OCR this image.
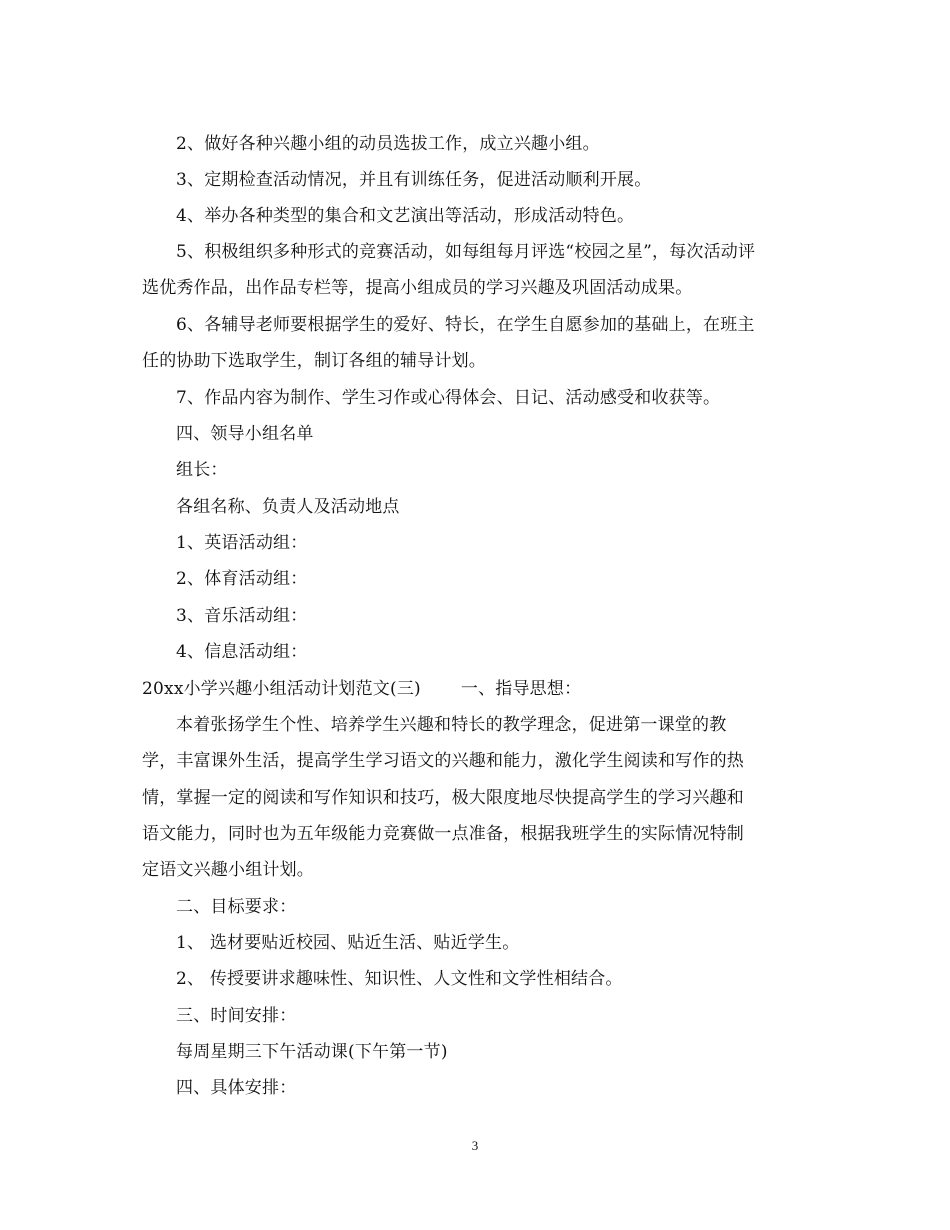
2、做好各种兴趣小组的动员选拔工作，成立兴趣小组。
3、定期检查活动情况，并且有训练任务，促进活动顺利开展。
4、举办各种类型的集合和文艺演出等活动，形成活动特色。
5、积极组织多种形式的竞赛活动，如每组每月评选“校园之星”，每次活动评
选优秀作品，出作品专栏等，提高小组成员的学习兴趣及巩固活动成果。
6、各辅导老师要根据学生的爱好、特长，在学生自愿参加的基础上，在班主
任的协助下选取学生，制订各组的辅导计划。
7、作品内容为制作、学生习作或心得体会、日记、活动感受和收获等。
四、领导小组名单
组长：
各组名称、负责人及活动地点
1、英语活动组：
2、体育活动组：
3、音乐活动组：
4、信息活动组：
20xx小学兴趣小组活动计划范文(三) 一、指导思想：
本着张扬学生个性、培养学生兴趣和特长的教学理念，促进第一课堂的教
学，丰富课外生活，提高学生学习语文的兴趣和能力，激化学生阅读和写作的热
情，掌握一定的阅读和写作知识和技巧，极大限度地尽快提高学生的学习兴趣和
语文能力，同时也为五年级能力竞赛做一点准备，根据我班学生的实际情况特制
定语文兴趣小组计划。
二、目标要求：
1、 选材要贴近校园、贴近生活、贴近学生。
2、 传授要讲求趣味性、知识性、人文性和文学性相结合。
三、时间安排：
每周星期三下午活动课(下午第一节)
四、具体安排：
3
